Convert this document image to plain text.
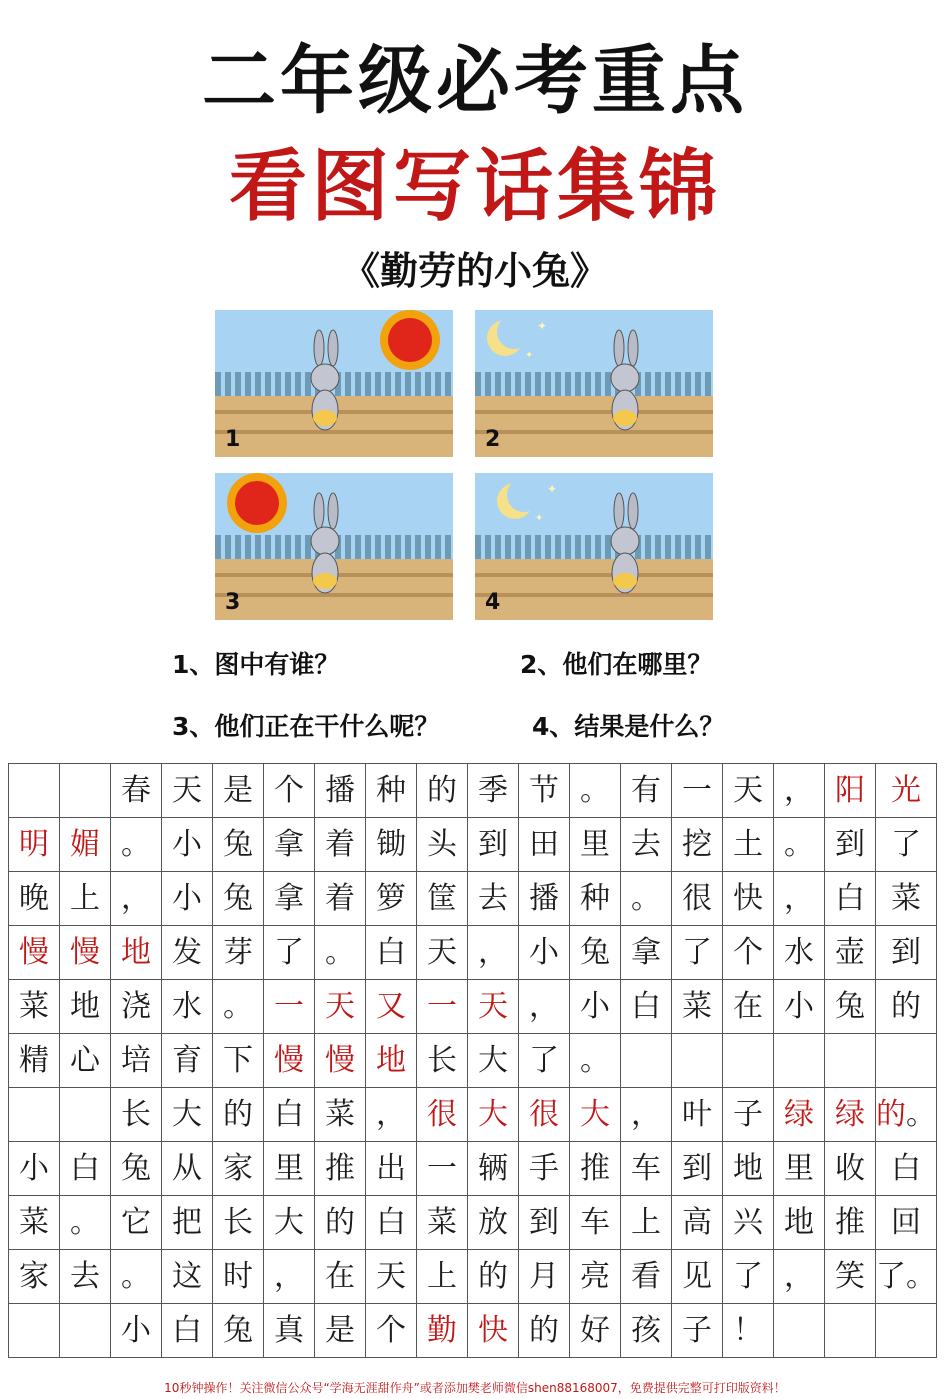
二年级必考重点
看图写话集锦
《勤劳的小兔》
1
✦
✦
2
3
✦
✦
4
1、图中有谁？	2、他们在哪里？
3、他们正在干什么呢？	4、结果是什么？
		春	天	是	个	播	种	的	季	节	。	有	一	天	，	阳	光
明	媚	。	小	兔	拿	着	锄	头	到	田	里	去	挖	土	。	到	了
晚	上	，	小	兔	拿	着	箩	筐	去	播	种	。	很	快	，	白	菜
慢	慢	地	发	芽	了	。	白	天	，	小	兔	拿	了	个	水	壶	到
菜	地	浇	水	。	一	天	又	一	天	，	小	白	菜	在	小	兔	的
精	心	培	育	下	慢	慢	地	长	大	了	。						
		长	大	的	白	菜	，	很	大	很	大	，	叶	子	绿	绿	的。
小	白	兔	从	家	里	推	出	一	辆	手	推	车	到	地	里	收	白
菜	。	它	把	长	大	的	白	菜	放	到	车	上	高	兴	地	推	回
家	去	。	这	时	，	在	天	上	的	月	亮	看	见	了	，	笑	了。
		小	白	兔	真	是	个	勤	快	的	好	孩	子	！			
10秒钟操作！关注微信公众号“学海无涯甜作舟”或者添加樊老师微信shen88168007，免费提供完整可打印版资料！
